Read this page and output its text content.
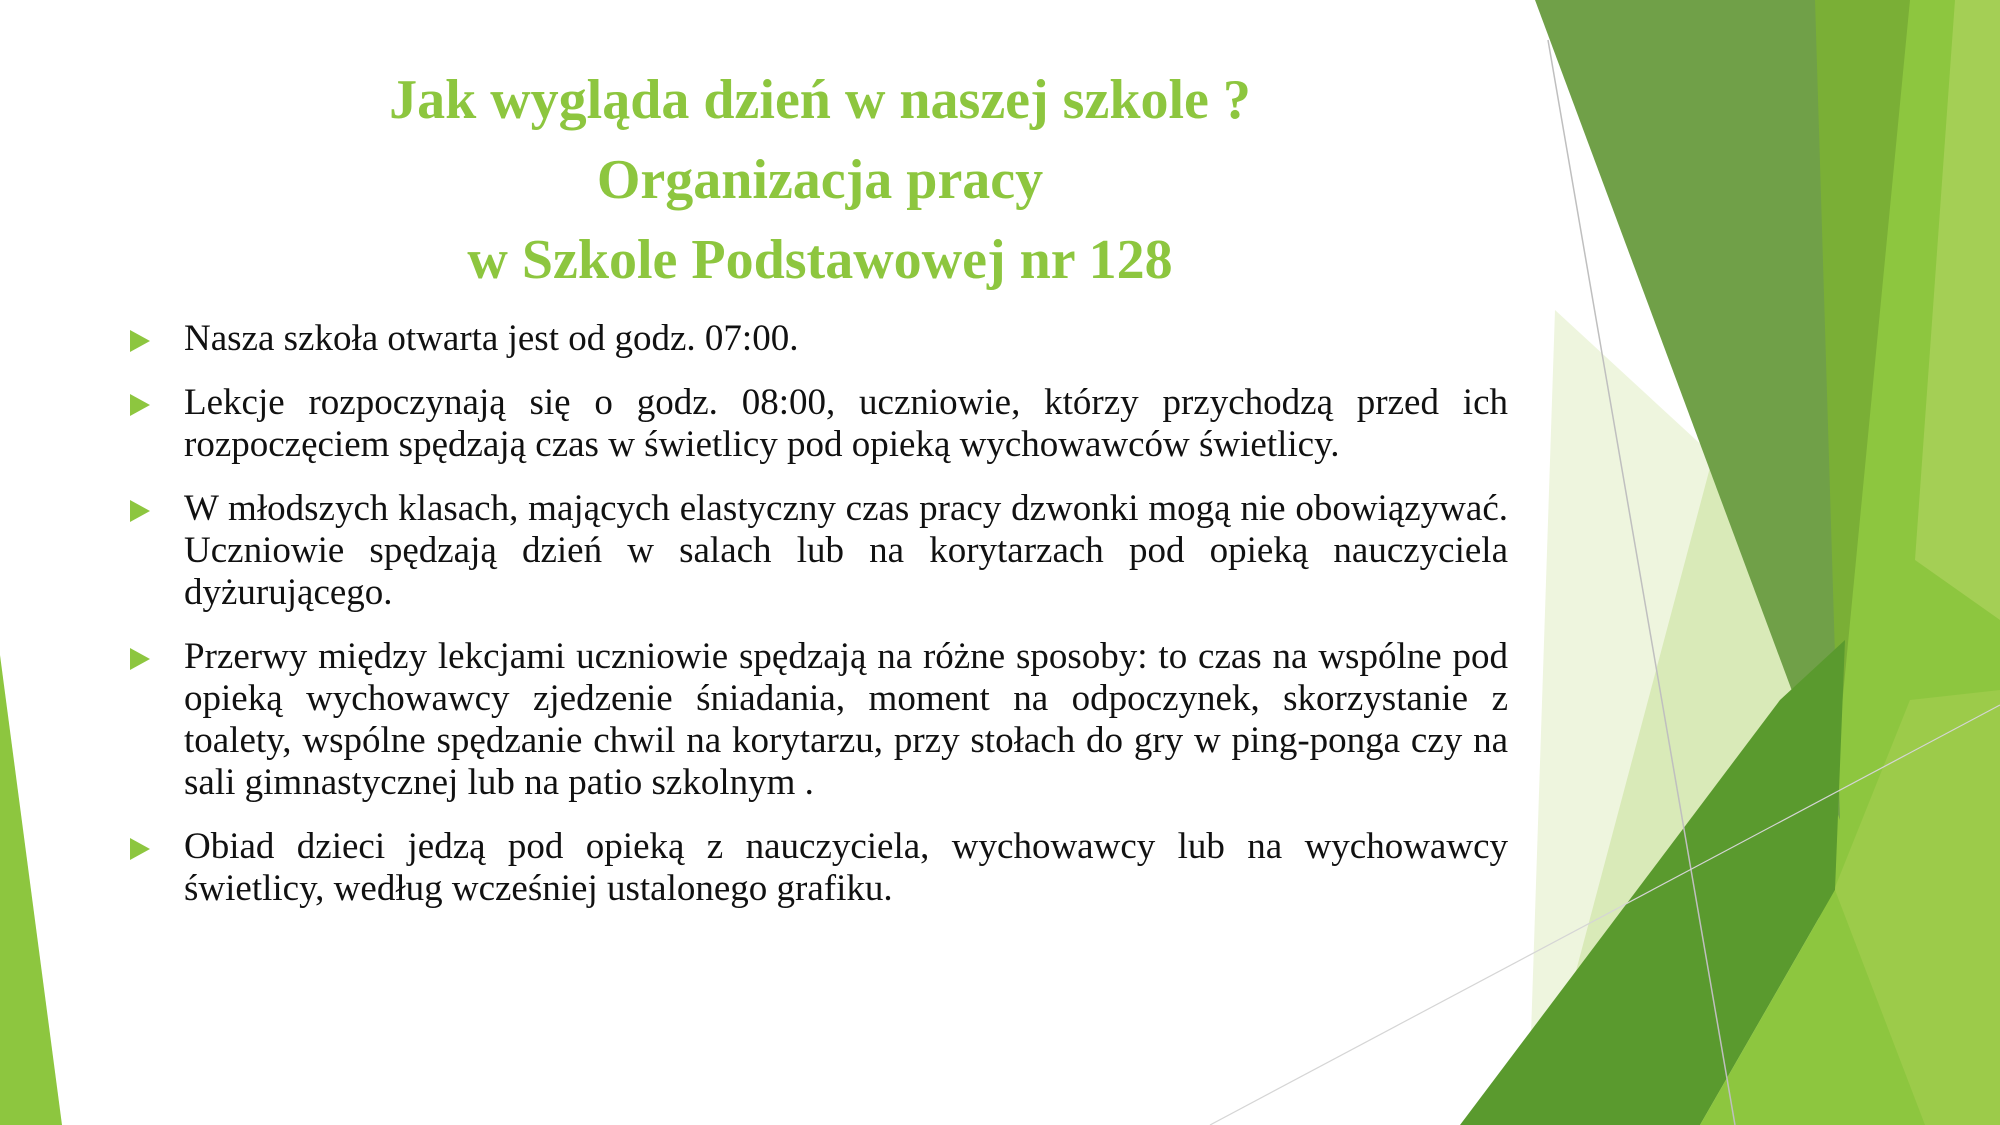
Jak wygląda dzień w naszej szkole ?
Organizacja pracy
w Szkole Podstawowej nr 128
Nasza szkoła otwarta jest od godz. 07:00.
Lekcje rozpoczynają się o godz. 08:00, uczniowie, którzy przychodzą przed ich rozpoczęciem spędzają czas w świetlicy pod opieką wychowawców świetlicy.
W młodszych klasach, mających elastyczny czas pracy dzwonki mogą nie obowiązywać. Uczniowie spędzają dzień w salach lub na korytarzach pod opieką nauczyciela dyżurującego.
Przerwy między lekcjami uczniowie spędzają na różne sposoby: to czas na wspólne pod opieką wychowawcy zjedzenie śniadania, moment na odpoczynek, skorzystanie z toalety, wspólne spędzanie chwil na korytarzu, przy stołach do gry w ping-ponga czy na sali gimnastycznej lub na patio szkolnym .
Obiad dzieci jedzą pod opieką z nauczyciela, wychowawcy lub na wychowawcy świetlicy, według wcześniej ustalonego grafiku.
